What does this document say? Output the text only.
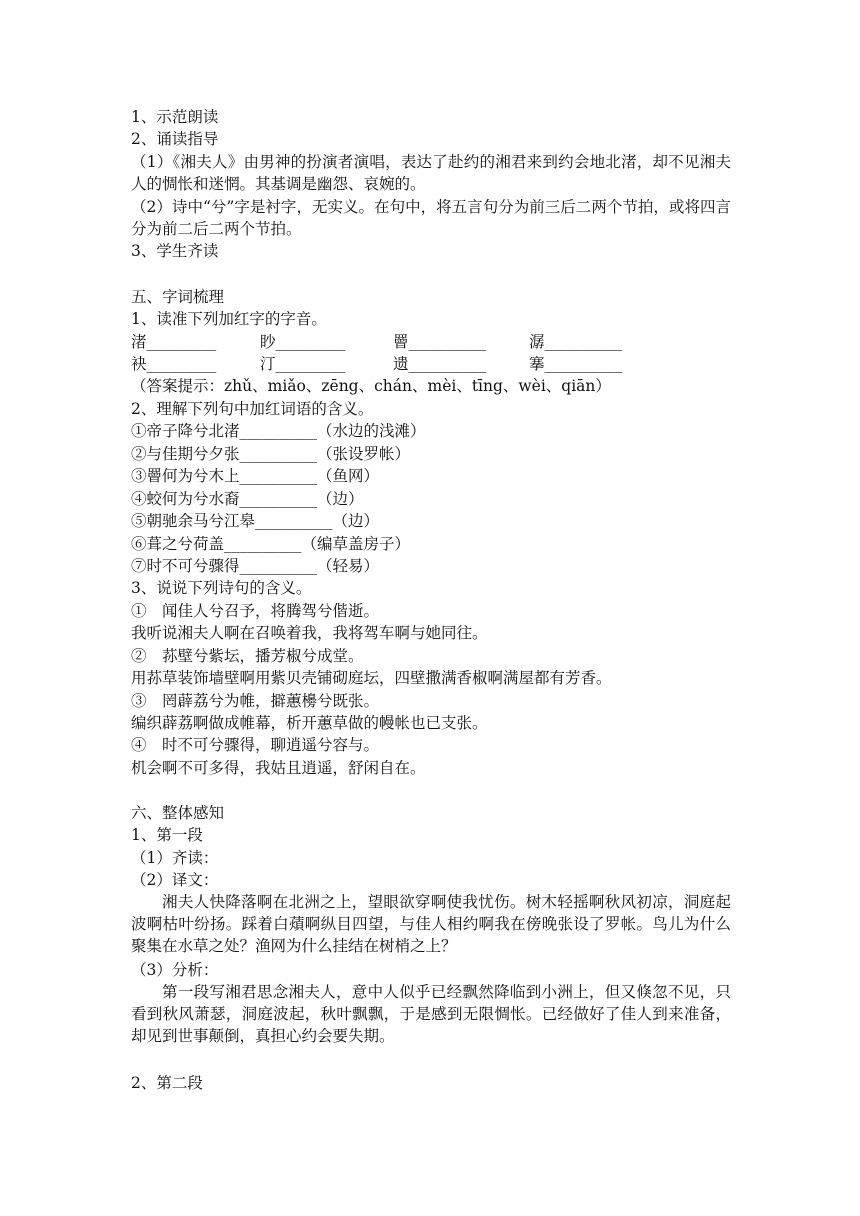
1、示范朗读
2、诵读指导
（1）《湘夫人》由男神的扮演者演唱，表达了赴约的湘君来到约会地北渚，却不见湘夫人的惆怅和迷惘。其基调是幽怨、哀婉的。
（2）诗中“兮”字是衬字，无实义。在句中，将五言句分为前三后二两个节拍，或将四言分为前二后二两个节拍。
3、学生齐读
五、字词梳理
1、读准下列加红字的字音。
渚_________	眇_________	罾__________	潺__________
袂_________	汀_________	遗__________	搴__________
（答案提示：zhǔ、miǎo、zēng、chán、mèi、tīng、wèi、qiān）
2、理解下列句中加红词语的含义。
①帝子降兮北渚__________（水边的浅滩）
②与佳期兮夕张__________（张设罗帐）
③罾何为兮木上__________（鱼网）
④蛟何为兮水裔__________（边）
⑤朝驰余马兮江皋__________（边）
⑥葺之兮荷盖__________（编草盖房子）
⑦时不可兮骤得__________（轻易）
3、说说下列诗句的含义。
①　闻佳人兮召予，将腾驾兮偕逝。
我听说湘夫人啊在召唤着我，我将驾车啊与她同往。
②　荪壁兮紫坛，播芳椒兮成堂。
用荪草装饰墙壁啊用紫贝壳铺砌庭坛，四壁撒满香椒啊满屋都有芳香。
③　罔薜荔兮为帷，擗蕙櫋兮既张。
编织薜荔啊做成帷幕，析开蕙草做的幔帐也已支张。
④　时不可兮骤得，聊逍遥兮容与。
机会啊不可多得，我姑且逍遥，舒闲自在。
六、整体感知
1、第一段
（1）齐读：
（2）译文：
湘夫人快降落啊在北洲之上，望眼欲穿啊使我忧伤。树木轻摇啊秋风初凉，洞庭起波啊枯叶纷扬。踩着白薠啊纵目四望，与佳人相约啊我在傍晚张设了罗帐。鸟儿为什么聚集在水草之处？渔网为什么挂结在树梢之上？
（3）分析：
第一段写湘君思念湘夫人，意中人似乎已经飘然降临到小洲上，但又倏忽不见，只看到秋风萧瑟，洞庭波起，秋叶飘飘，于是感到无限惆怅。已经做好了佳人到来准备，却见到世事颠倒，真担心约会要失期。
2、第二段
